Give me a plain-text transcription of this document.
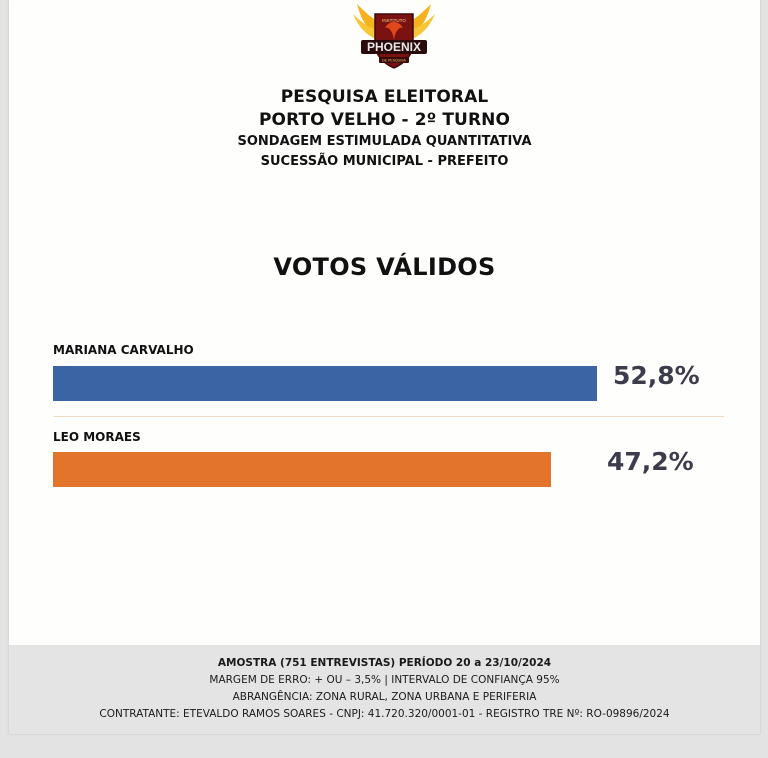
PHOENIX
INSTITUTO
DE PESQUISA
PESQUISA ELEITORAL
PORTO VELHO - 2º TURNO
SONDAGEM ESTIMULADA QUANTITATIVA
SUCESSÃO MUNICIPAL - PREFEITO
VOTOS VÁLIDOS
MARIANA CARVALHO
52,8%
LEO MORAES
47,2%
AMOSTRA (751 ENTREVISTAS) PERÍODO 20 a 23/10/2024
MARGEM DE ERRO: + OU – 3,5% | INTERVALO DE CONFIANÇA 95%
ABRANGÊNCIA: ZONA RURAL, ZONA URBANA E PERIFERIA
CONTRATANTE: ETEVALDO RAMOS SOARES - CNPJ: 41.720.320/0001-01 - REGISTRO TRE Nº: RO-09896/2024
